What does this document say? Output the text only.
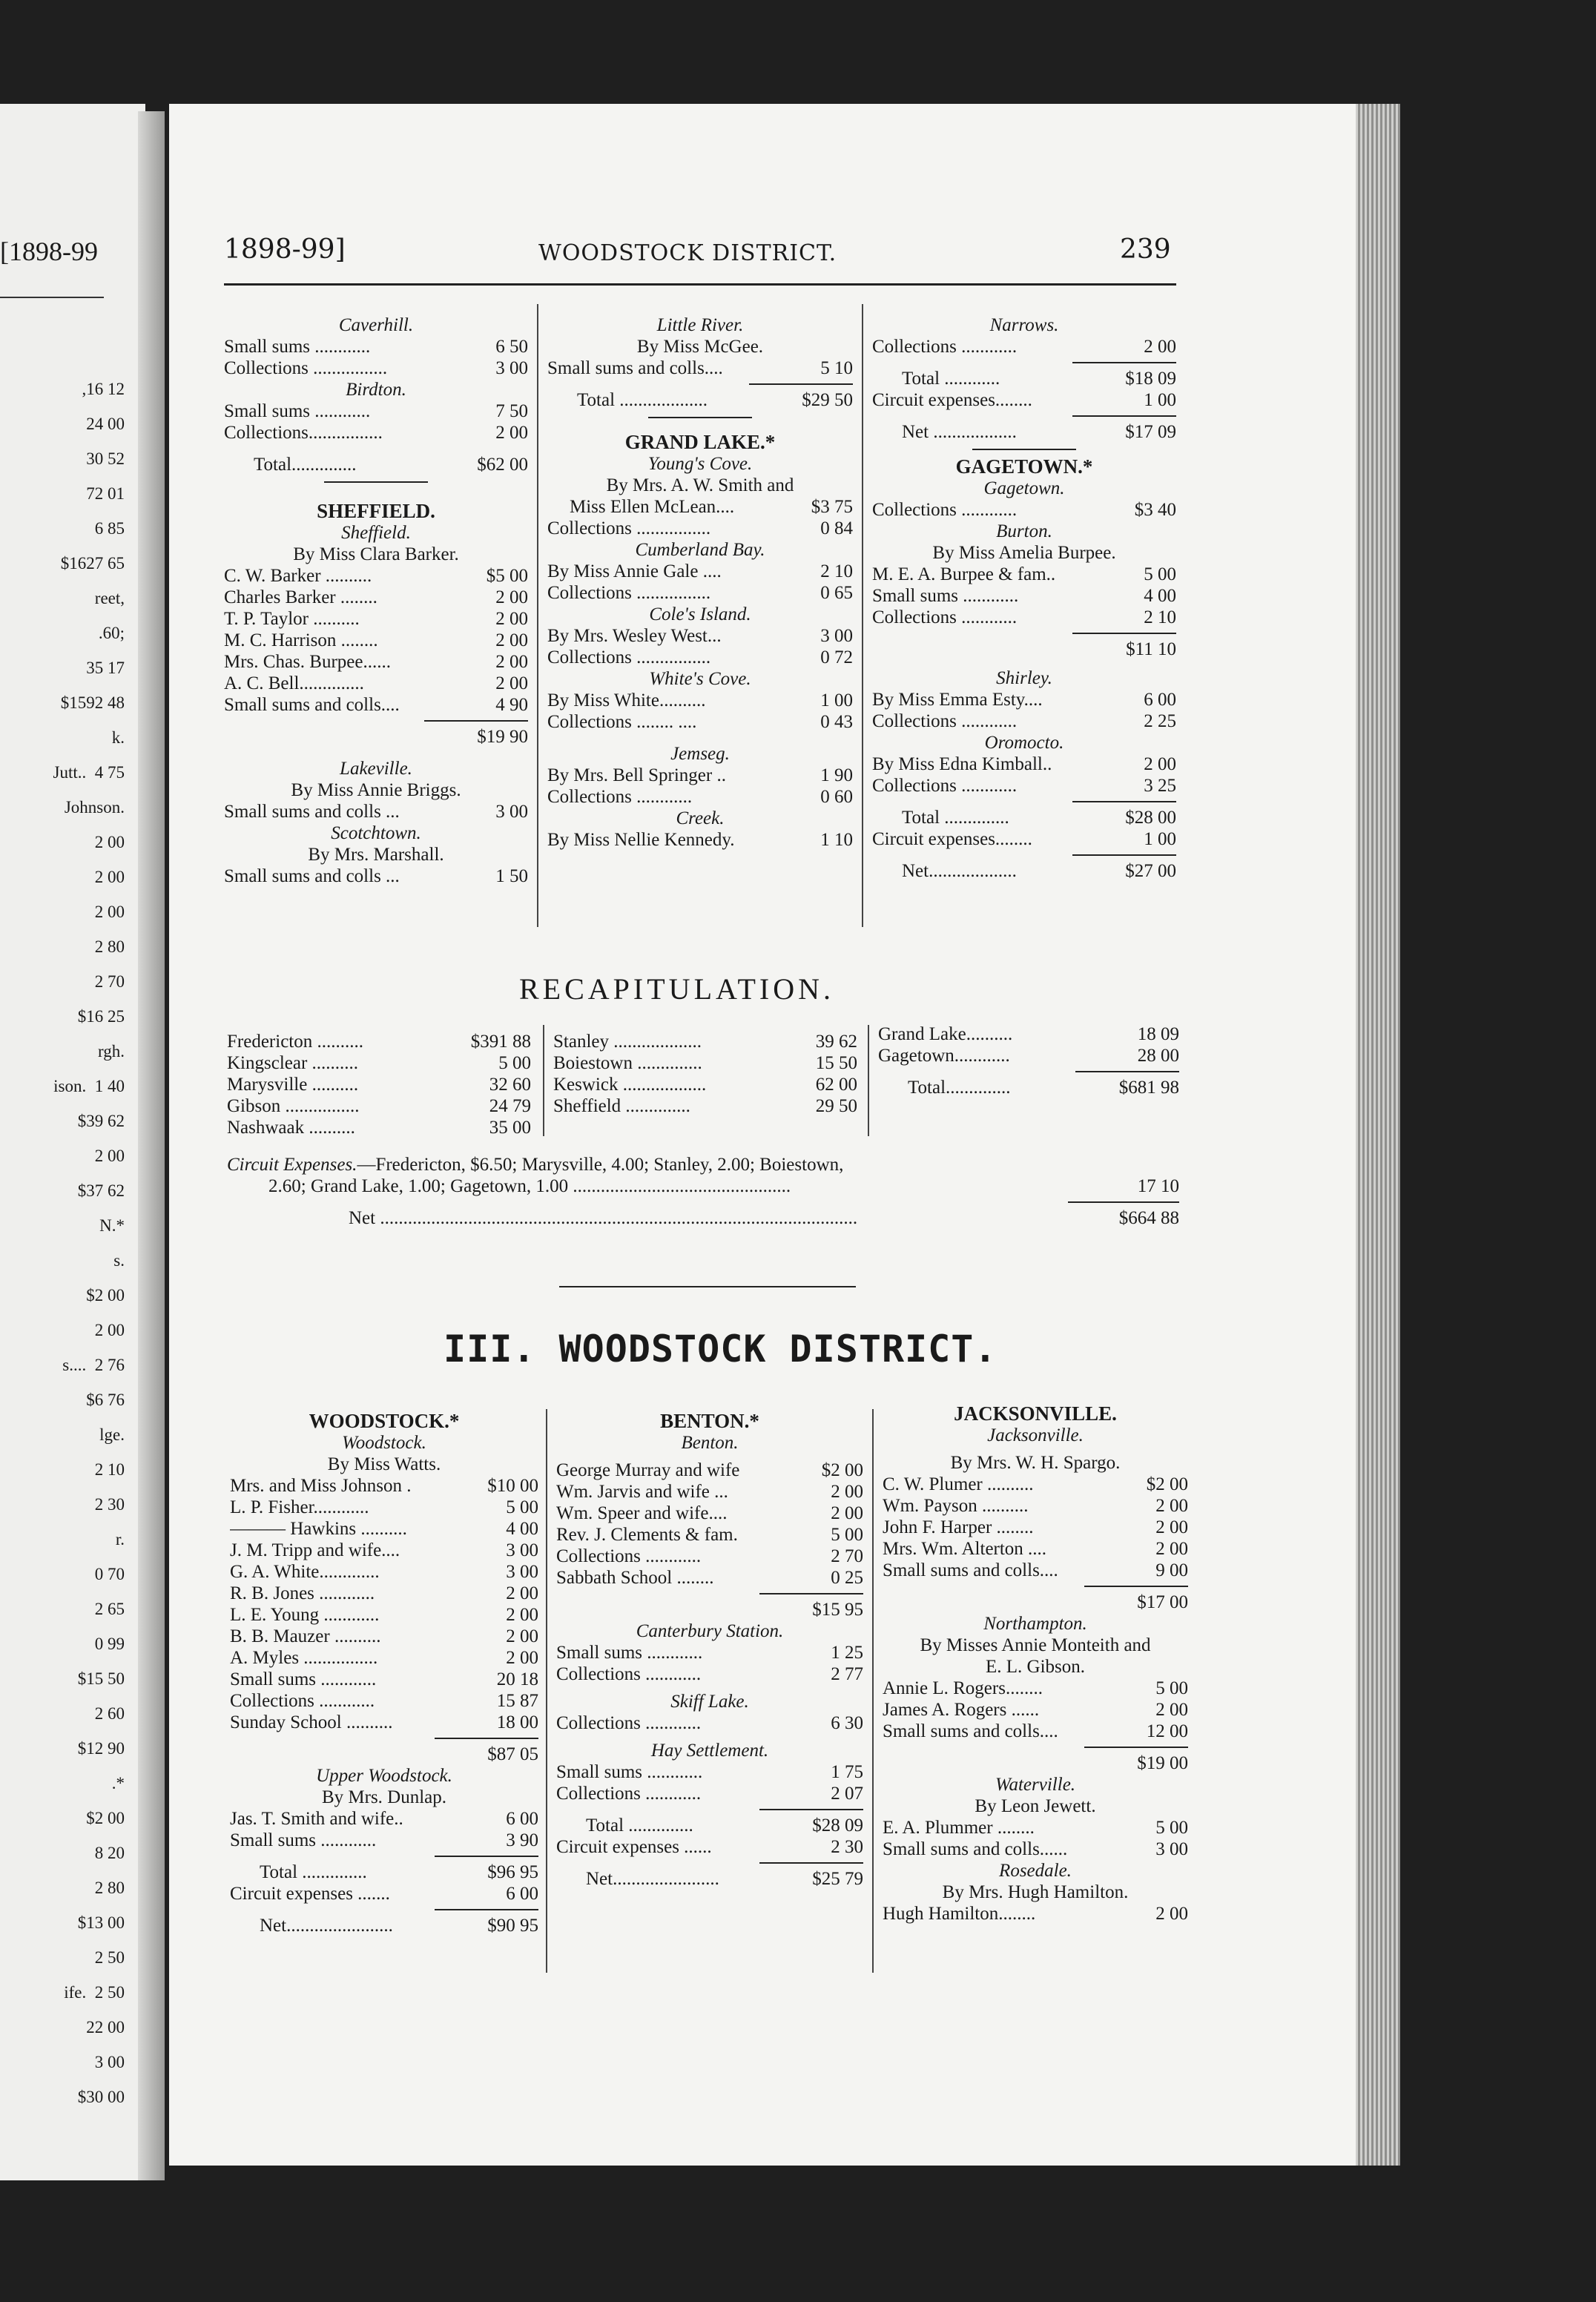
[1898-99
,16 12
24 00
30 52
72 01
6 85
$1627 65
reet,
.60;
35 17
$1592 48
k.
Jutt..  4 75
Johnson.
2 00
2 00
2 00
2 80
2 70
$16 25
rgh.
ison.  1 40
$39 62
2 00
$37 62
N.*
s.
$2 00
2 00
s....  2 76
$6 76
lge.
2 10
2 30
r.
0 70
2 65
0 99
$15 50
2 60
$12 90
.*
$2 00
8 20
2 80
$13 00
2 50
ife.  2 50
22 00
3 00
$30 00
1898-99]	WOODSTOCK DISTRICT.	239
Caverhill.
Small sums ............	6 50
Collections ................	3 00
Birdton.
Small sums ............	7 50
Collections................	2 00
Total..............	$62 00
SHEFFIELD.
Sheffield.
By Miss Clara Barker.
C. W. Barker ..........	$5 00
Charles Barker ........	2 00
T. P. Taylor ..........	2 00
M. C. Harrison ........	2 00
Mrs. Chas. Burpee......	2 00
A. C. Bell..............	2 00
Small sums and colls....	4 90
$19 90
Lakeville.
By Miss Annie Briggs.
Small sums and colls ...	3 00
Scotchtown.
By Mrs. Marshall.
Small sums and colls ...	1 50
Little River.
By Miss McGee.
Small sums and colls....	5 10
Total ...................	$29 50
GRAND LAKE.*
Young's Cove.
By Mrs. A. W. Smith and
Miss Ellen McLean....	$3 75
Collections ................	0 84
Cumberland Bay.
By Miss Annie Gale ....	2 10
Collections ................	0 65
Cole's Island.
By Mrs. Wesley West...	3 00
Collections ................	0 72
White's Cove.
By Miss White..........	1 00
Collections ........ ....	0 43
Jemseg.
By Mrs. Bell Springer ..	1 90
Collections ............	0 60
Creek.
By Miss Nellie Kennedy.	1 10
Narrows.
Collections ............	2 00
Total ............	$18 09
Circuit expenses........	1 00
Net ..................	$17 09
GAGETOWN.*
Gagetown.
Collections ............	$3 40
Burton.
By Miss Amelia Burpee.
M. E. A. Burpee & fam..	5 00
Small sums ............	4 00
Collections ............	2 10
$11 10
Shirley.
By Miss Emma Esty....	6 00
Collections ............	2 25
Oromocto.
By Miss Edna Kimball..	2 00
Collections ............	3 25
Total ..............	$28 00
Circuit expenses........	1 00
Net...................	$27 00
RECAPITULATION.
Fredericton ..........	$391 88
Kingsclear ..........	5 00
Marysville ..........	32 60
Gibson ................	24 79
Nashwaak ..........	35 00
Stanley ...................	39 62
Boiestown ..............	15 50
Keswick ..................	62 00
Sheffield ..............	29 50
Grand Lake..........	18 09
Gagetown............	28 00
Total..............	$681 98
Circuit Expenses.—Fredericton, $6.50; Marysville, 4.00; Stanley, 2.00; Boiestown,
2.60; Grand Lake, 1.00; Gagetown, 1.00 ...............................................	17 10
Net .......................................................................................................	$664 88
III. WOODSTOCK DISTRICT.
WOODSTOCK.*
Woodstock.
By Miss Watts.
Mrs. and Miss Johnson .	$10 00
L. P. Fisher............	5 00
——— Hawkins ..........	4 00
J. M. Tripp and wife....	3 00
G. A. White.............	3 00
R. B. Jones ............	2 00
L. E. Young ............	2 00
B. B. Mauzer ..........	2 00
A. Myles ................	2 00
Small sums ............	20 18
Collections ............	15 87
Sunday School ..........	18 00
$87 05
Upper Woodstock.
By Mrs. Dunlap.
Jas. T. Smith and wife..	6 00
Small sums ............	3 90
Total ..............	$96 95
Circuit expenses .......	6 00
Net.......................	$90 95
BENTON.*
Benton.
George Murray and wife	$2 00
Wm. Jarvis and wife ...	2 00
Wm. Speer and wife....	2 00
Rev. J. Clements & fam.	5 00
Collections ............	2 70
Sabbath School ........	0 25
$15 95
Canterbury Station.
Small sums ............	1 25
Collections ............	2 77
Skiff Lake.
Collections ............	6 30
Hay Settlement.
Small sums ............	1 75
Collections ............	2 07
Total ..............	$28 09
Circuit expenses ......	2 30
Net.......................	$25 79
JACKSONVILLE.
Jacksonville.
By Mrs. W. H. Spargo.
C. W. Plumer ..........	$2 00
Wm. Payson ..........	2 00
John F. Harper ........	2 00
Mrs. Wm. Alterton ....	2 00
Small sums and colls....	9 00
$17 00
Northampton.
By Misses Annie Monteith and
E. L. Gibson.
Annie L. Rogers........	5 00
James A. Rogers ......	2 00
Small sums and colls....	12 00
$19 00
Waterville.
By Leon Jewett.
E. A. Plummer ........	5 00
Small sums and colls......	3 00
Rosedale.
By Mrs. Hugh Hamilton.
Hugh Hamilton........	2 00
